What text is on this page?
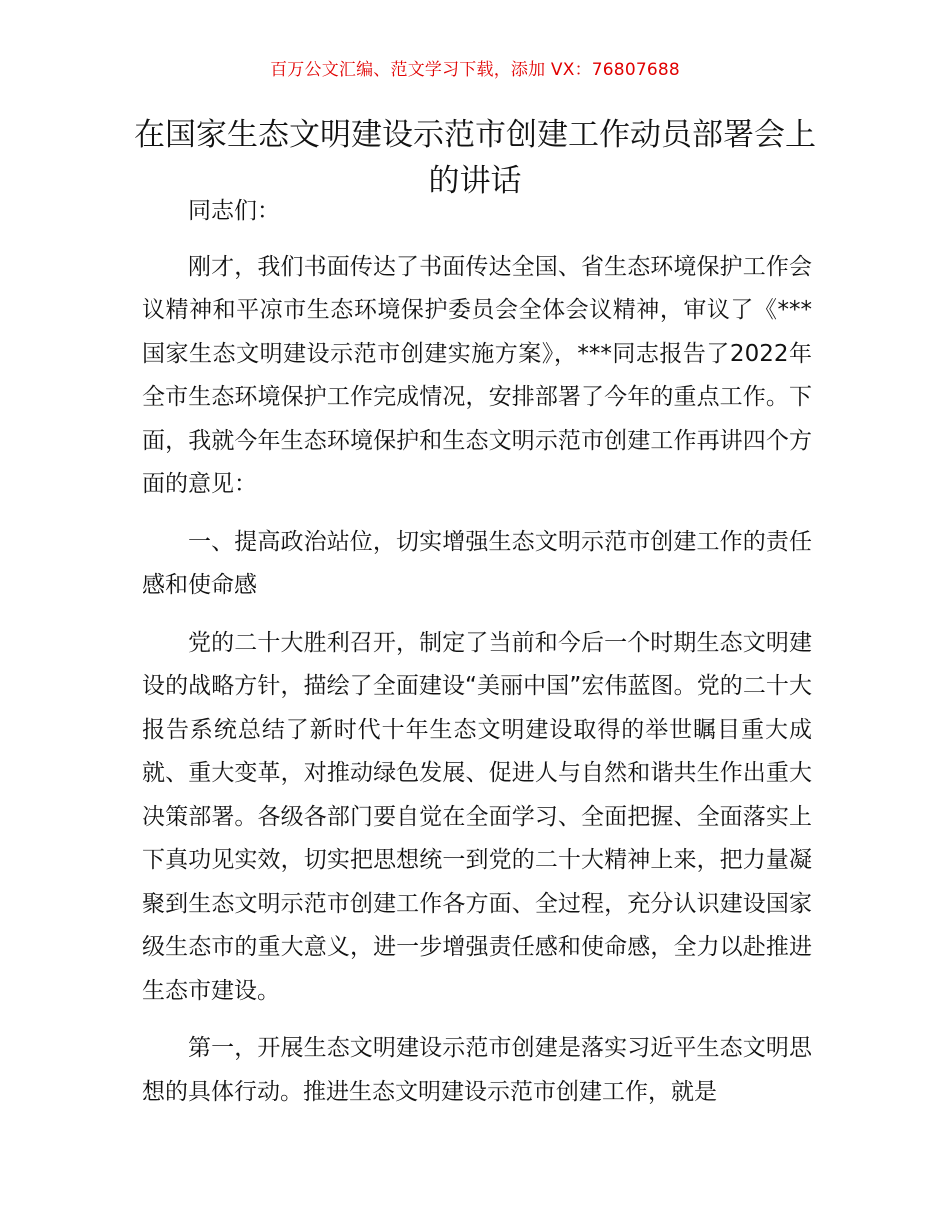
百万公文汇编、范文学习下载，添加 VX：76807688
在国家生态文明建设示范市创建工作动员部署会上的讲话

同志们：

刚才，我们书面传达了书面传达全国、省生态环境保护工作会议精神和平凉市生态环境保护委员会全体会议精神，审议了《***国家生态文明建设示范市创建实施方案》，***同志报告了2022年全市生态环境保护工作完成情况，安排部署了今年的重点工作。下面，我就今年生态环境保护和生态文明示范市创建工作再讲四个方面的意见：

一、提高政治站位，切实增强生态文明示范市创建工作的责任感和使命感

党的二十大胜利召开，制定了当前和今后一个时期生态文明建设的战略方针，描绘了全面建设“美丽中国”宏伟蓝图。党的二十大报告系统总结了新时代十年生态文明建设取得的举世瞩目重大成就、重大变革，对推动绿色发展、促进人与自然和谐共生作出重大决策部署。各级各部门要自觉在全面学习、全面把握、全面落实上下真功见实效，切实把思想统一到党的二十大精神上来，把力量凝聚到生态文明示范市创建工作各方面、全过程，充分认识建设国家级生态市的重大意义，进一步增强责任感和使命感，全力以赴推进生态市建设。

第一，开展生态文明建设示范市创建是落实习近平生态文明思想的具体行动。推进生态文明建设示范市创建工作，就是
